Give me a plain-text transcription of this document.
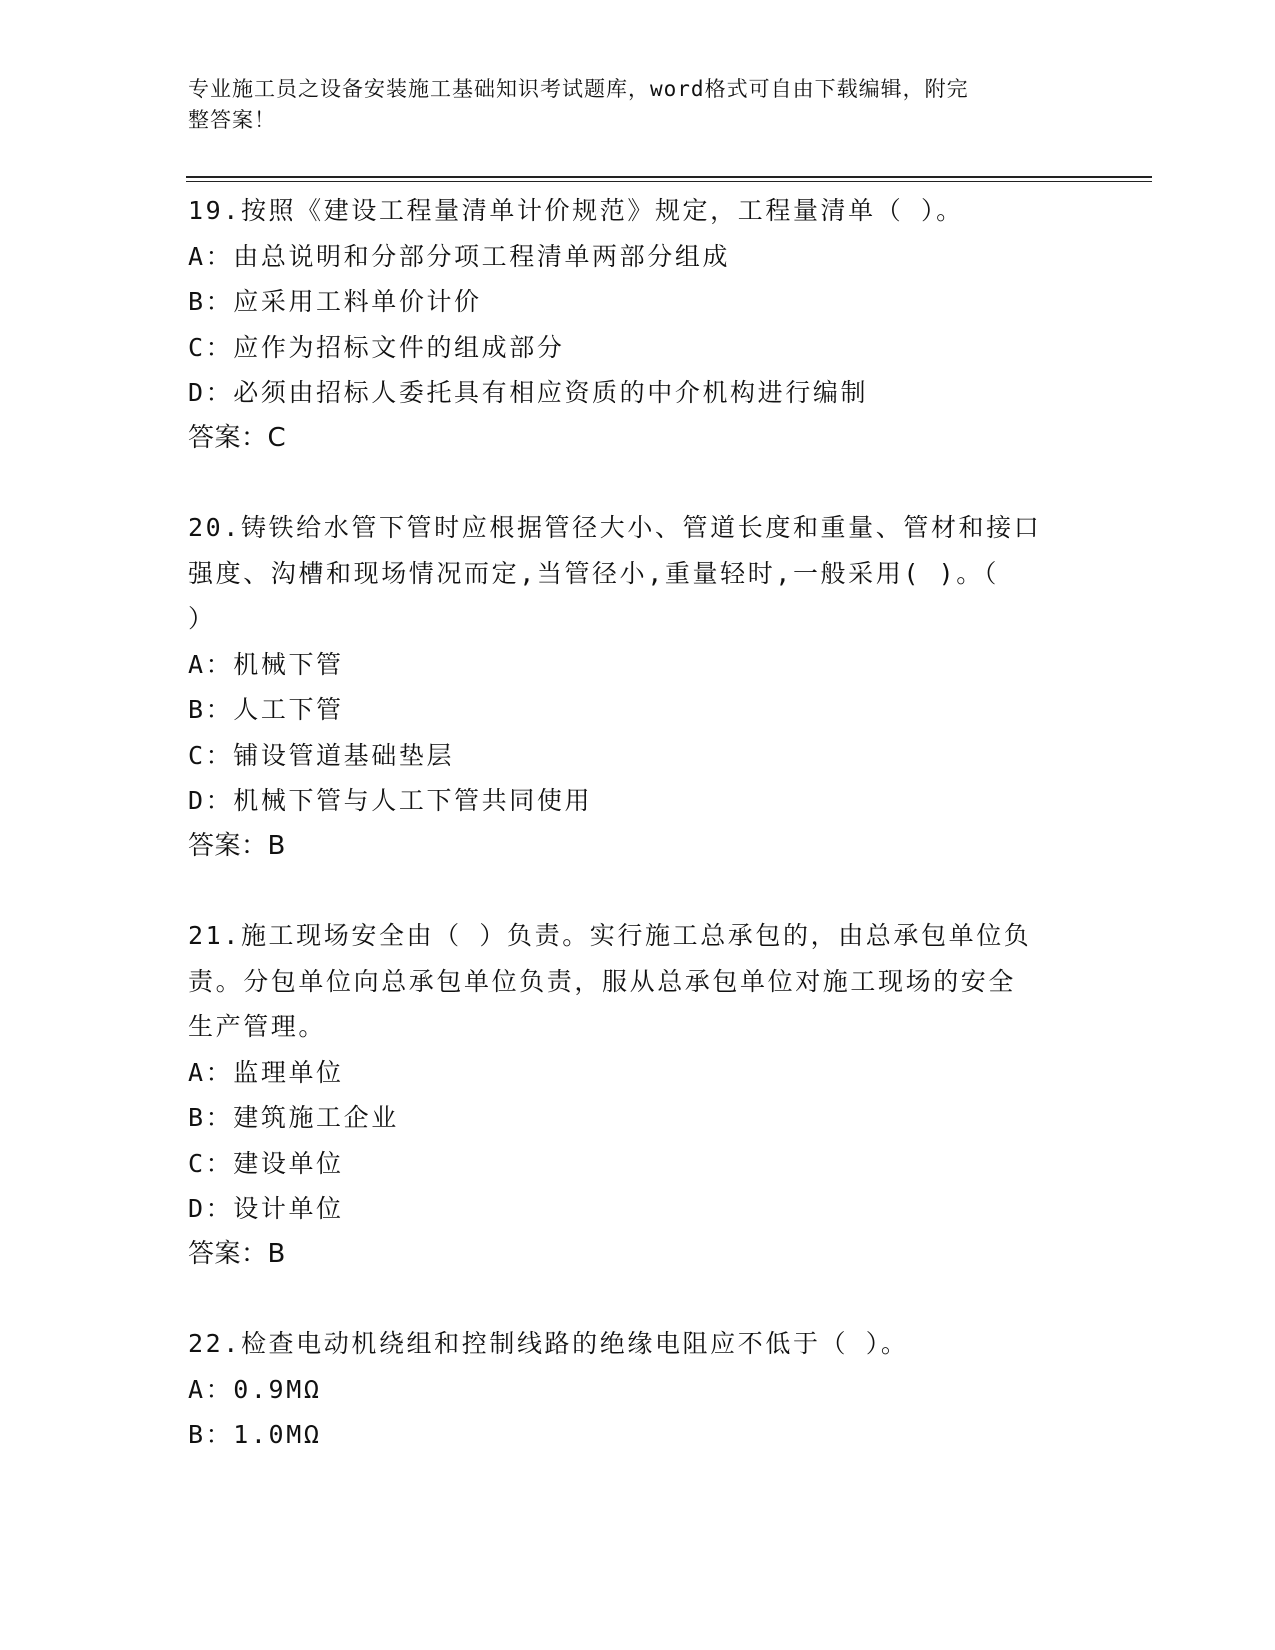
专业施工员之设备安装施工基础知识考试题库，word格式可自由下载编辑，附完
整答案！
19.按照《建设工程量清单计价规范》规定，工程量清单（ ）。
A：由总说明和分部分项工程清单两部分组成
B：应采用工料单价计价
C：应作为招标文件的组成部分
D：必须由招标人委托具有相应资质的中介机构进行编制
答案：C
20.铸铁给水管下管时应根据管径大小、管道长度和重量、管材和接口
强度、沟槽和现场情况而定,当管径小,重量轻时,一般采用( )。（
）
A：机械下管
B：人工下管
C：铺设管道基础垫层
D：机械下管与人工下管共同使用
答案：B
21.施工现场安全由（ ）负责。实行施工总承包的，由总承包单位负
责。分包单位向总承包单位负责，服从总承包单位对施工现场的安全
生产管理。
A：监理单位
B：建筑施工企业
C：建设单位
D：设计单位
答案：B
22.检查电动机绕组和控制线路的绝缘电阻应不低于（ ）。
A：0.9MΩ
B：1.0MΩ
